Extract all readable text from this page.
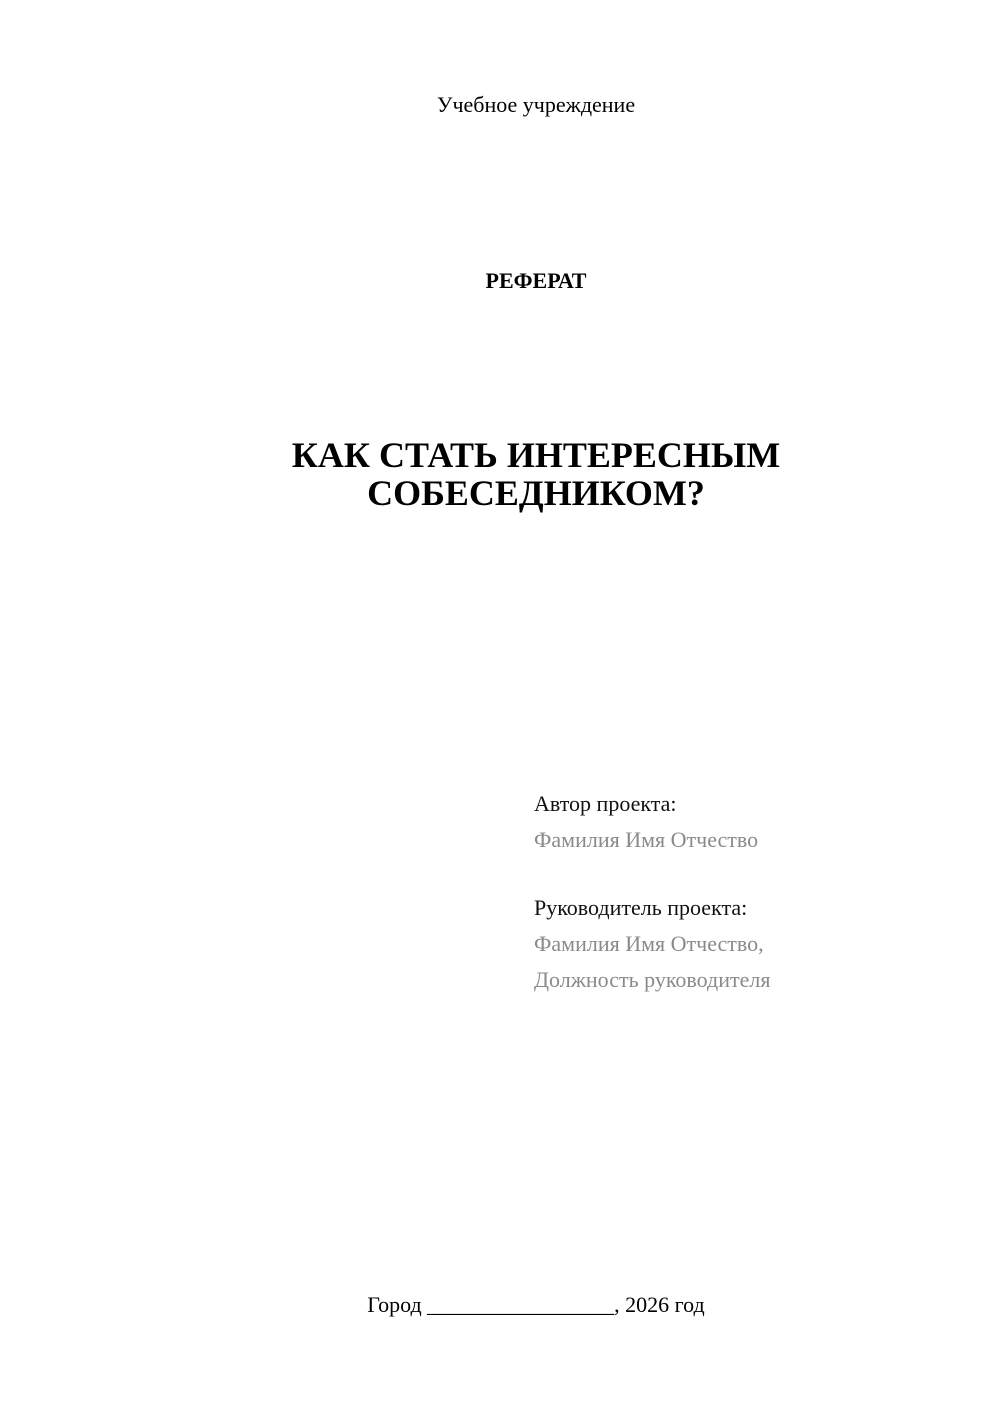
Учебное учреждение
РЕФЕРАТ
КАК СТАТЬ ИНТЕРЕСНЫМ
СОБЕСЕДНИКОМ?
Автор проекта:
Фамилия Имя Отчество
Руководитель проекта:
Фамилия Имя Отчество,
Должность руководителя
Город _________________, 2026 год
